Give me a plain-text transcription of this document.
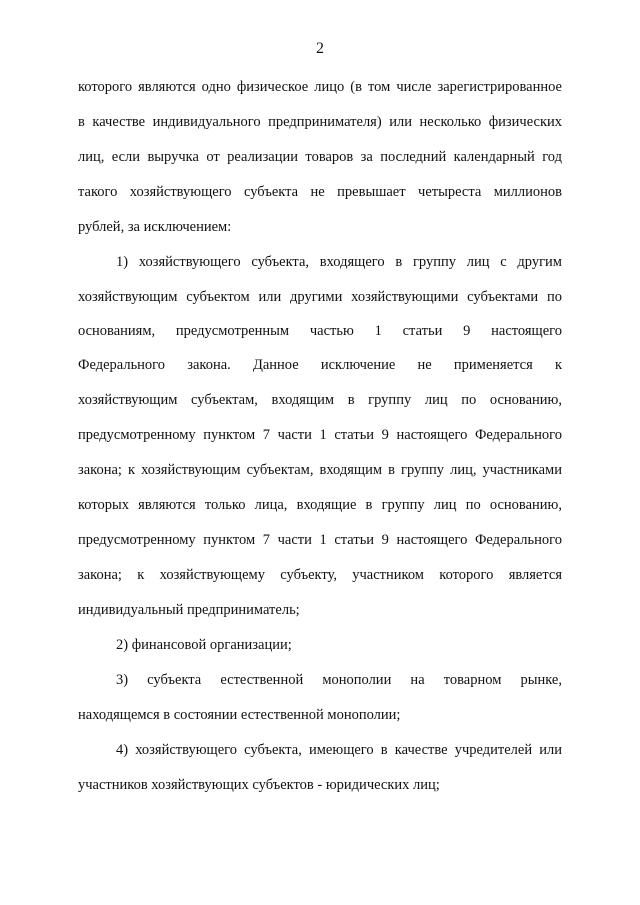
2
которого являются одно физическое лицо (в том числе зарегистрированное
в качестве индивидуального предпринимателя) или несколько физических
лиц, если выручка от реализации товаров за последний календарный год
такого хозяйствующего субъекта не превышает четыреста миллионов
рублей, за исключением:
1) хозяйствующего субъекта, входящего в группу лиц с другим
хозяйствующим субъектом или другими хозяйствующими субъектами по
основаниям, предусмотренным частью 1 статьи 9 настоящего
Федерального закона. Данное исключение не применяется к
хозяйствующим субъектам, входящим в группу лиц по основанию,
предусмотренному пунктом 7 части 1 статьи 9 настоящего Федерального
закона; к хозяйствующим субъектам, входящим в группу лиц, участниками
которых являются только лица, входящие в группу лиц по основанию,
предусмотренному пунктом 7 части 1 статьи 9 настоящего Федерального
закона; к хозяйствующему субъекту, участником которого является
индивидуальный предприниматель;
2) финансовой организации;
3) субъекта естественной монополии на товарном рынке,
находящемся в состоянии естественной монополии;
4) хозяйствующего субъекта, имеющего в качестве учредителей или
участников хозяйствующих субъектов - юридических лиц;
